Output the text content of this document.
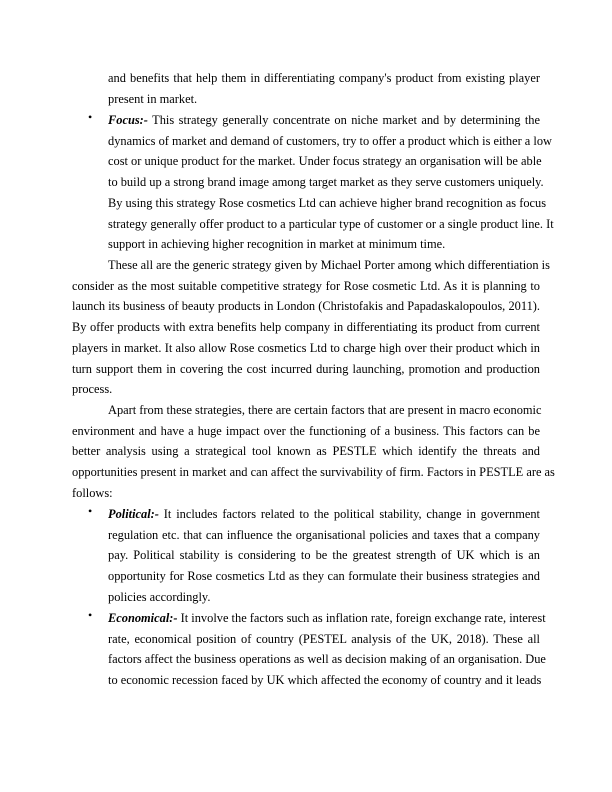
and benefits that help them in differentiating company's product from existing player

present in market.

• Focus:- This strategy generally concentrate on niche market and by determining the

dynamics of market and demand of customers, try to offer a product which is either a low

cost or unique product for the market. Under focus strategy an organisation will be able

to build up a strong brand image among target market as they serve customers uniquely.

By using this strategy Rose cosmetics Ltd can achieve higher brand recognition as focus

strategy generally offer product to a particular type of customer or a single product line. It

support in achieving higher recognition in market at minimum time.

These all are the generic strategy given by Michael Porter among which differentiation is

consider as the most suitable competitive strategy for Rose cosmetic Ltd. As it is planning to

launch its business of beauty products in London (Christofakis and Papadaskalopoulos, 2011).

By offer products with extra benefits help company in differentiating its product from current

players in market. It also allow Rose cosmetics Ltd to charge high over their product which in

turn support them in covering the cost incurred during launching, promotion and production

process.

Apart from these strategies, there are certain factors that are present in macro economic

environment and have a huge impact over the functioning of a business. This factors can be

better analysis using a strategical tool known as PESTLE which identify the threats and

opportunities present in market and can affect the survivability of firm. Factors in PESTLE are as

follows:

• Political:- It includes factors related to the political stability, change in government

regulation etc. that can influence the organisational policies and taxes that a company

pay. Political stability is considering to be the greatest strength of UK which is an

opportunity for Rose cosmetics Ltd as they can formulate their business strategies and

policies accordingly.

• Economical:- It involve the factors such as inflation rate, foreign exchange rate, interest

rate, economical position of country (PESTEL analysis of the UK, 2018). These all

factors affect the business operations as well as decision making of an organisation. Due

to economic recession faced by UK which affected the economy of country and it leads
